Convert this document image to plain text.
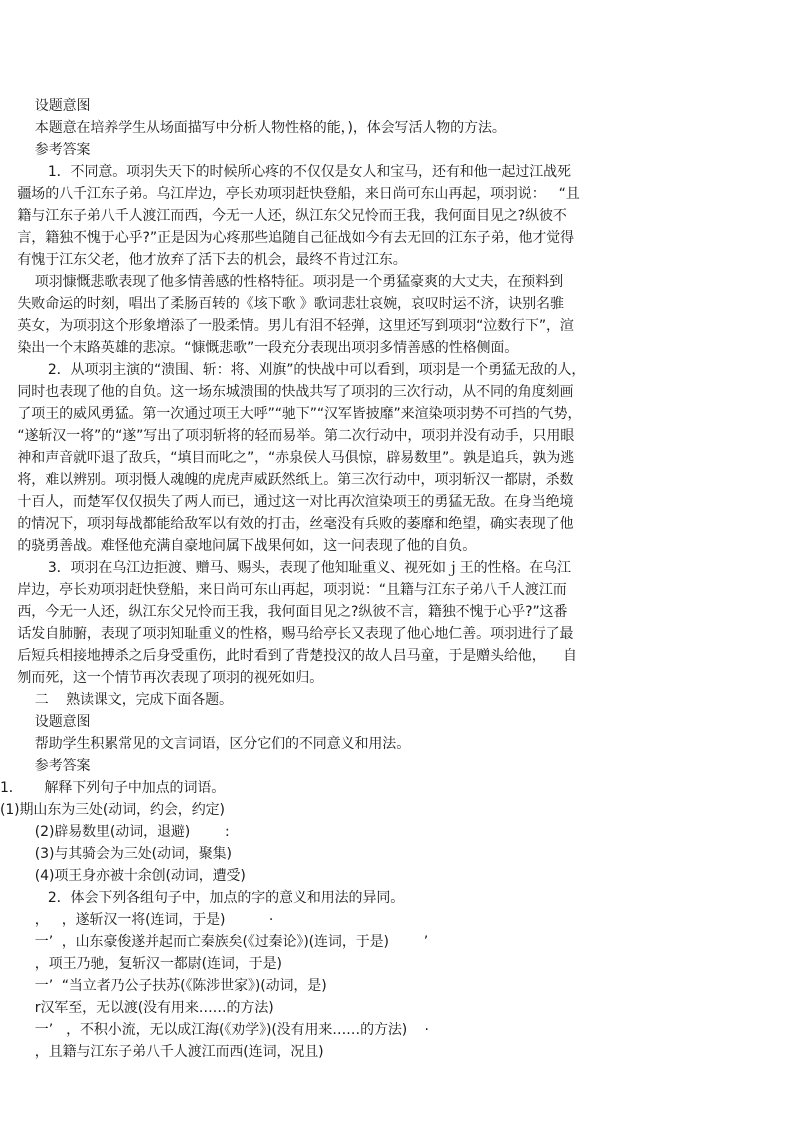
设题意图
本题意在培养学生从场面描写中分析人物性格的能，)，体会写活人物的方法。
参考答案
1．不同意。项羽失天下的时候所心疼的不仅仅是女人和宝马，还有和他一起过江战死
疆场的八千江东子弟。乌江岸边，亭长劝项羽赶快登船，来日尚可东山再起，项羽说：   “且
籍与江东子弟八千人渡江而西，今无一人还，纵江东父兄怜而王我，我何面目见之?纵彼不
言，籍独不愧于心乎?”正是因为心疼那些追随自己征战如今有去无回的江东子弟，他才觉得
有愧于江东父老，他才放弃了活下去的机会，最终不肯过江东。
项羽慷慨悲歌表现了他多情善感的性格特征。项羽是一个勇猛豪爽的大丈夫，在预料到
失败命运的时刻，唱出了柔肠百转的《垓下歌 》歌词悲壮哀婉，哀叹时运不济，诀别名骓
英女，为项羽这个形象增添了一股柔情。男儿有泪不轻弹，这里还写到项羽“泣数行下”，渲
染出一个末路英雄的悲凉。“慷慨悲歌”一段充分表现出项羽多情善感的性格侧面。
2．从项羽主演的“溃围、斩：将、刈旗”的快战中可以看到，项羽是一个勇猛无敌的人，
同时也表现了他的自负。这一场东城溃围的快战共写了项羽的三次行动，从不同的角度刻画
了项王的威风勇猛。第一次通过项王大呼”“驰下”“汉军皆披靡”来渲染项羽势不可挡的气势，
“遂斩汉一将”的“遂”写出了项羽斩将的轻而易举。第二次行动中，项羽并没有动手，只用眼
神和声音就吓退了敌兵，“填目而叱之”，“赤泉侯人马俱惊，辟易数里”。孰是追兵，孰为逃
将，难以辨别。项羽慑人魂魄的虎虎声威跃然纸上。第三次行动中，项羽斩汉一都尉，杀数
十百人，而楚军仅仅损失了两人而已，通过这一对比再次渲染项王的勇猛无敌。在身当绝境
的情况下，项羽每战都能给敌军以有效的打击，丝毫没有兵败的萎靡和绝望，确实表现了他
的骁勇善战。难怪他充满自豪地问属下战果何如，这一问表现了他的自负。
3．项羽在乌江边拒渡、赠马、赐头，表现了他知耻重义、视死如ｊ王的性格。在乌江
岸边，亭长劝项羽赶快登船，来日尚可东山再起，项羽说：“且籍与江东子弟八千人渡江而
西，今无一人还，纵江东父兄怜而王我，我何面目见之?纵彼不言，籍独不愧于心乎?”这番
话发自肺腑，表现了项羽知耻重义的性格，赐马给亭长又表现了他心地仁善。项羽进行了最
后短兵相接地搏杀之后身受重伤，此时看到了背楚投汉的故人吕马童，于是赠头给他，    自
刎而死，这一个情节再次表现了项羽的视死如归。
二    熟读课文，完成下面各题。
设题意图
帮助学生积累常见的文言词语，区分它们的不同意义和用法。
参考答案
1．     解释下列句子中加点的词语。
(1)期山东为三处(动词，约会，约定)
(2)辟易数里(动词，退避)        :
(3)与其骑会为三处(动词，聚集)
(4)项王身亦被十余创(动词，遭受)
2．体会下列各组句子中，加点的字的意义和用法的异同。
，   ，遂斩汉一将(连词，于是)          ·
一’  ，山东豪俊遂并起而亡秦族矣(《过秦论》)(连词，于是)        ’
，项王乃驰，复斩汉一都尉(连词，于是)
一’  “当立者乃公子扶苏(《陈涉世家》)(动词，是)
r汉军至，无以渡(没有用来……的方法)
一’   ，不积小流，无以成江海(《劝学》)(没有用来……的方法)    ·
，且籍与江东子弟八千人渡江而西(连词，况且)
